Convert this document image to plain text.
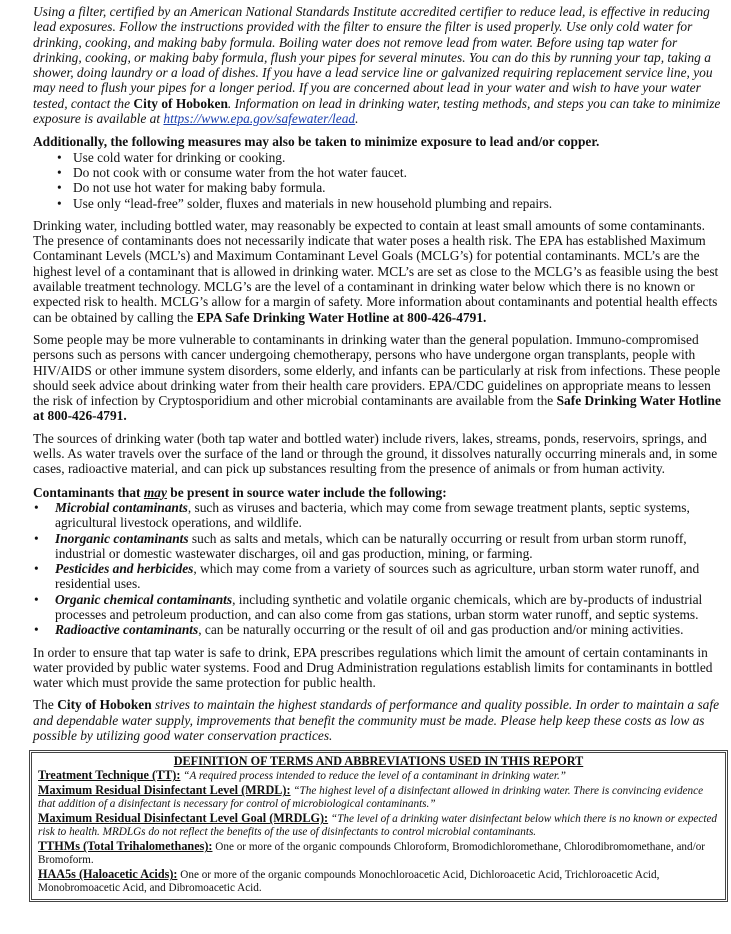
Using a filter, certified by an American National Standards Institute accredited certifier to reduce lead, is effective in reducing lead exposures. Follow the instructions provided with the filter to ensure the filter is used properly. Use only cold water for drinking, cooking, and making baby formula. Boiling water does not remove lead from water. Before using tap water for drinking, cooking, or making baby formula, flush your pipes for several minutes. You can do this by running your tap, taking a shower, doing laundry or a load of dishes. If you have a lead service line or galvanized requiring replacement service line, you may need to flush your pipes for a longer period. If you are concerned about lead in your water and wish to have your water tested, contact the City of Hoboken. Information on lead in drinking water, testing methods, and steps you can take to minimize exposure is available at https://www.epa.gov/safewater/lead.

Additionally, the following measures may also be taken to minimize exposure to lead and/or copper.

• Use cold water for drinking or cooking.
• Do not cook with or consume water from the hot water faucet.
• Do not use hot water for making baby formula.
• Use only “lead-free” solder, fluxes and materials in new household plumbing and repairs.

Drinking water, including bottled water, may reasonably be expected to contain at least small amounts of some contaminants. The presence of contaminants does not necessarily indicate that water poses a health risk. The EPA has established Maximum Contaminant Levels (MCL’s) and Maximum Contaminant Level Goals (MCLG’s) for potential contaminants. MCL’s are the highest level of a contaminant that is allowed in drinking water. MCL’s are set as close to the MCLG’s as feasible using the best available treatment technology. MCLG’s are the level of a contaminant in drinking water below which there is no known or expected risk to health. MCLG’s allow for a margin of safety. More information about contaminants and potential health effects can be obtained by calling the EPA Safe Drinking Water Hotline at 800-426-4791.

Some people may be more vulnerable to contaminants in drinking water than the general population. Immuno-compromised persons such as persons with cancer undergoing chemotherapy, persons who have undergone organ transplants, people with HIV/AIDS or other immune system disorders, some elderly, and infants can be particularly at risk from infections. These people should seek advice about drinking water from their health care providers. EPA/CDC guidelines on appropriate means to lessen the risk of infection by Cryptosporidium and other microbial contaminants are available from the Safe Drinking Water Hotline at 800-426-4791.

The sources of drinking water (both tap water and bottled water) include rivers, lakes, streams, ponds, reservoirs, springs, and wells. As water travels over the surface of the land or through the ground, it dissolves naturally occurring minerals and, in some cases, radioactive material, and can pick up substances resulting from the presence of animals or from human activity.

Contaminants that may be present in source water include the following:

• Microbial contaminants, such as viruses and bacteria, which may come from sewage treatment plants, septic systems, agricultural livestock operations, and wildlife.
• Inorganic contaminants such as salts and metals, which can be naturally occurring or result from urban storm runoff, industrial or domestic wastewater discharges, oil and gas production, mining, or farming.
• Pesticides and herbicides, which may come from a variety of sources such as agriculture, urban storm water runoff, and residential uses.
• Organic chemical contaminants, including synthetic and volatile organic chemicals, which are by-products of industrial processes and petroleum production, and can also come from gas stations, urban storm water runoff, and septic systems.
• Radioactive contaminants, can be naturally occurring or the result of oil and gas production and/or mining activities.

In order to ensure that tap water is safe to drink, EPA prescribes regulations which limit the amount of certain contaminants in water provided by public water systems. Food and Drug Administration regulations establish limits for contaminants in bottled water which must provide the same protection for public health.

The City of Hoboken strives to maintain the highest standards of performance and quality possible. In order to maintain a safe and dependable water supply, improvements that benefit the community must be made. Please help keep these costs as low as possible by utilizing good water conservation practices.

DEFINITION OF TERMS AND ABBREVIATIONS USED IN THIS REPORT
Treatment Technique (TT): “A required process intended to reduce the level of a contaminant in drinking water.”
Maximum Residual Disinfectant Level (MRDL): “The highest level of a disinfectant allowed in drinking water. There is convincing evidence that addition of a disinfectant is necessary for control of microbiological contaminants.”
Maximum Residual Disinfectant Level Goal (MRDLG): “The level of a drinking water disinfectant below which there is no known or expected risk to health. MRDLGs do not reflect the benefits of the use of disinfectants to control microbial contaminants.
TTHMs (Total Trihalomethanes): One or more of the organic compounds Chloroform, Bromodichloromethane, Chlorodibromomethane, and/or Bromoform.
HAA5s (Haloacetic Acids): One or more of the organic compounds Monochloroacetic Acid, Dichloroacetic Acid, Trichloroacetic Acid, Monobromoacetic Acid, and Dibromoacetic Acid.
